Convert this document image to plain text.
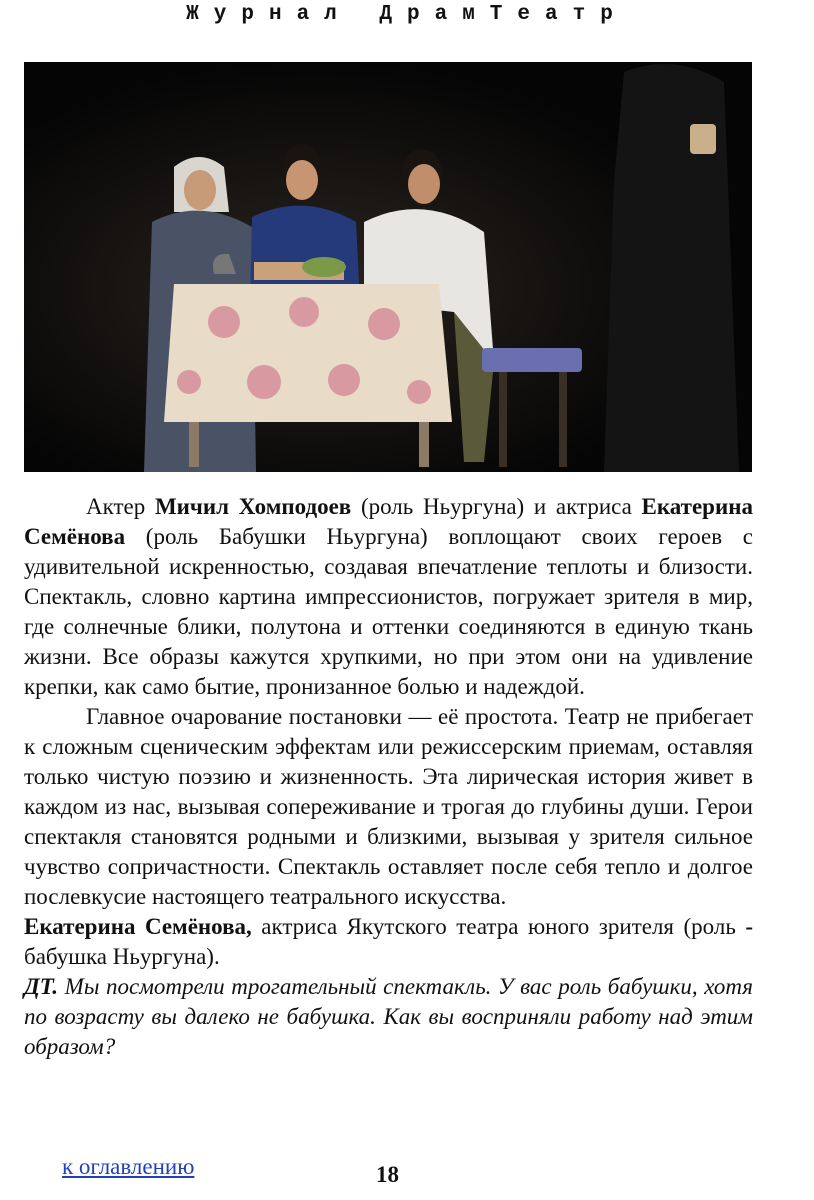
Журнал ДрамТеатр

Актер Мичил Хомподоев (роль Ньургуна) и актриса Екатерина Семёнова (роль Бабушки Ньургуна) воплощают своих героев с удивительной искренностью, создавая впечатление теплоты и близости. Спектакль, словно картина импрессионистов, погружает зрителя в мир, где солнечные блики, полутона и оттенки соединяются в единую ткань жизни. Все образы кажутся хрупкими, но при этом они на удивление крепки, как само бытие, пронизанное болью и надеждой.

Главное очарование постановки — её простота. Театр не прибегает к сложным сценическим эффектам или режиссерским приемам, оставляя только чистую поэзию и жизненность. Эта лирическая история живет в каждом из нас, вызывая сопереживание и трогая до глубины души. Герои спектакля становятся родными и близкими, вызывая у зрителя сильное чувство сопричастности. Спектакль оставляет после себя тепло и долгое послевкусие настоящего театрального искусства.

Екатерина Семёнова, актриса Якутского театра юного зрителя (роль - бабушка Ньургуна).

ДТ. Мы посмотрели трогательный спектакль. У вас роль бабушки, хотя по возрасту вы далеко не бабушка. Как вы восприняли работу над этим образом?

к оглавлению	18
